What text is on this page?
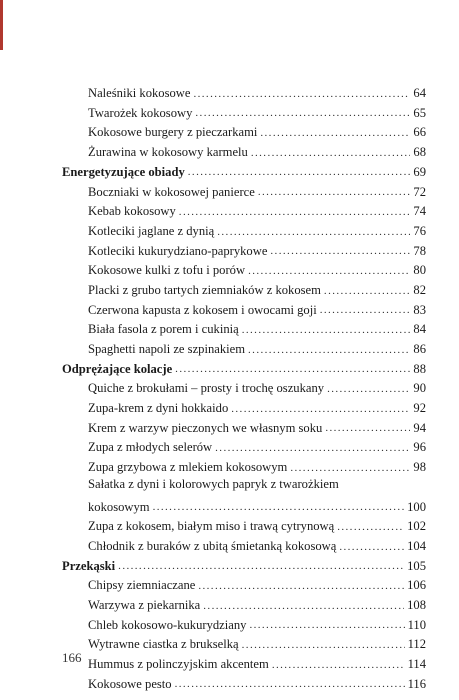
Naleśniki kokosowe .....	64
Twarożek kokosowy .....	65
Kokosowe burgery z pieczarkami .....	66
Żurawina w kokosowy karmelu .....	68
Energetyzujące obiady .....	69
Boczniaki w kokosowej panierce .....	72
Kebab kokosowy .....	74
Kotleciki jaglane z dynią .....	76
Kotleciki kukurydziano-paprykowe .....	78
Kokosowe kulki z tofu i porów .....	80
Placki z grubo tartych ziemniaków z kokosem .....	82
Czerwona kapusta z kokosem i owocami goji .....	83
Biała fasola z porem i cukinią .....	84
Spaghetti napoli ze szpinakiem .....	86
Odprężające kolacje .....	88
Quiche z brokułami – prosty i trochę oszukany .....	90
Zupa-krem z dyni hokkaido .....	92
Krem z warzyw pieczonych we własnym soku .....	94
Zupa z młodych selerów .....	96
Zupa grzybowa z mlekiem kokosowym .....	98
Sałatka z dyni i kolorowych papryk z twarożkiem
kokosowym .....	100
Zupa z kokosem, białym miso i trawą cytrynową .....	102
Chłodnik z buraków z ubitą śmietanką kokosową .....	104
Przekąski .....	105
Chipsy ziemniaczane .....	106
Warzywa z piekarnika .....	108
Chleb kokosowo-kukurydziany .....	110
Wytrawne ciastka z brukselką .....	112
Hummus z polinczyjskim akcentem .....	114
Kokosowe pesto .....	116
166
